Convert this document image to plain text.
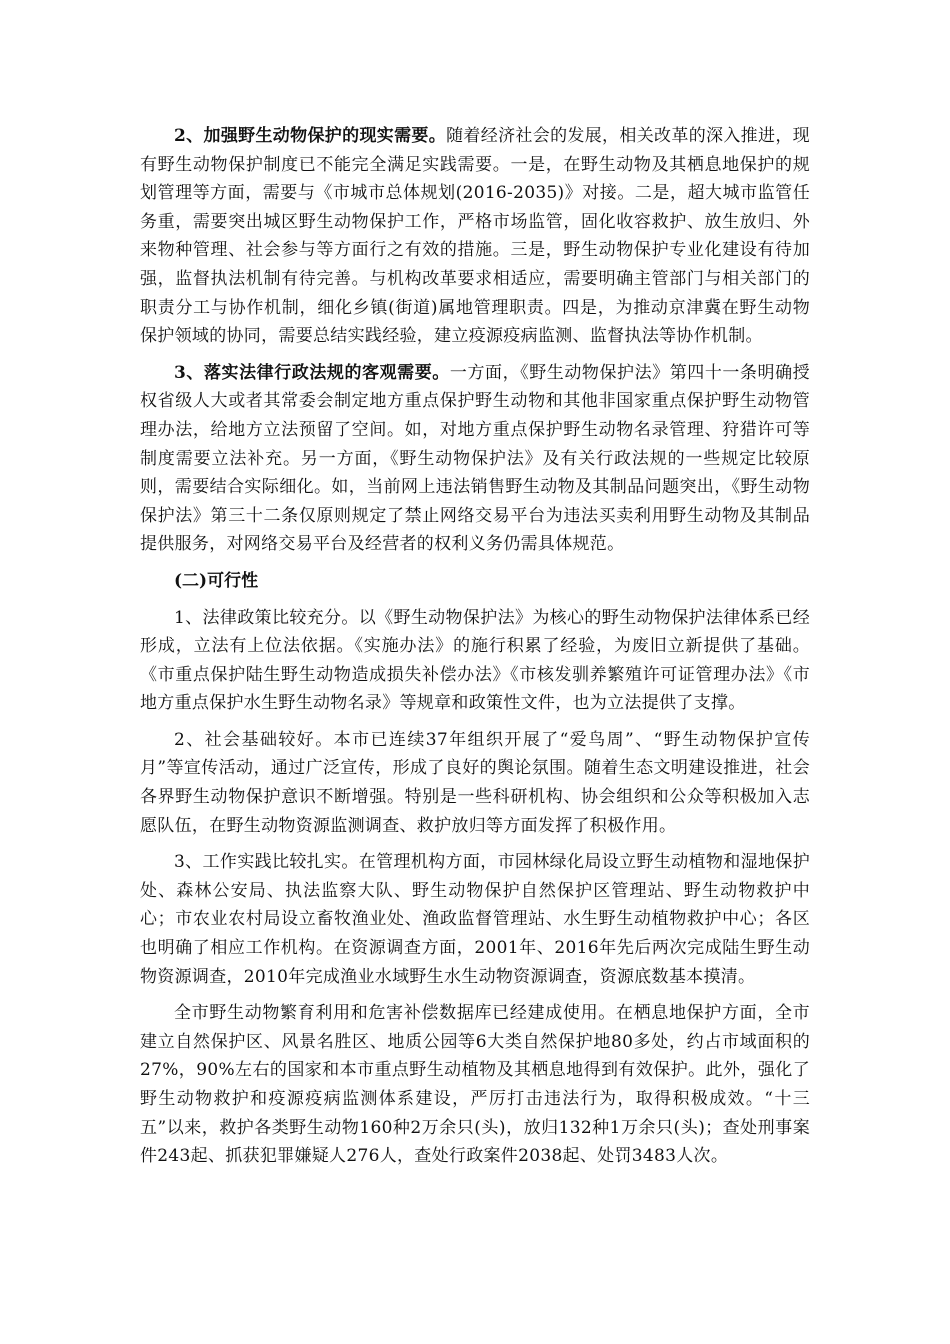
2、加强野生动物保护的现实需要。随着经济社会的发展，相关改革的深入推进，现有野生动物保护制度已不能完全满足实践需要。一是，在野生动物及其栖息地保护的规划管理等方面，需要与《市城市总体规划(2016-2035)》对接。二是，超大城市监管任务重，需要突出城区野生动物保护工作，严格市场监管，固化收容救护、放生放归、外来物种管理、社会参与等方面行之有效的措施。三是，野生动物保护专业化建设有待加强，监督执法机制有待完善。与机构改革要求相适应，需要明确主管部门与相关部门的职责分工与协作机制，细化乡镇(街道)属地管理职责。四是，为推动京津冀在野生动物保护领域的协同，需要总结实践经验，建立疫源疫病监测、监督执法等协作机制。

3、落实法律行政法规的客观需要。一方面，《野生动物保护法》第四十一条明确授权省级人大或者其常委会制定地方重点保护野生动物和其他非国家重点保护野生动物管理办法，给地方立法预留了空间。如，对地方重点保护野生动物名录管理、狩猎许可等制度需要立法补充。另一方面，《野生动物保护法》及有关行政法规的一些规定比较原则，需要结合实际细化。如，当前网上违法销售野生动物及其制品问题突出，《野生动物保护法》第三十二条仅原则规定了禁止网络交易平台为违法买卖利用野生动物及其制品提供服务，对网络交易平台及经营者的权利义务仍需具体规范。

(二)可行性

1、法律政策比较充分。以《野生动物保护法》为核心的野生动物保护法律体系已经形成，立法有上位法依据。《实施办法》的施行积累了经验，为废旧立新提供了基础。《市重点保护陆生野生动物造成损失补偿办法》《市核发驯养繁殖许可证管理办法》《市地方重点保护水生野生动物名录》等规章和政策性文件，也为立法提供了支撑。

2、社会基础较好。本市已连续37年组织开展了“爱鸟周”、“野生动物保护宣传月”等宣传活动，通过广泛宣传，形成了良好的舆论氛围。随着生态文明建设推进，社会各界野生动物保护意识不断增强。特别是一些科研机构、协会组织和公众等积极加入志愿队伍，在野生动物资源监测调查、救护放归等方面发挥了积极作用。

3、工作实践比较扎实。在管理机构方面，市园林绿化局设立野生动植物和湿地保护处、森林公安局、执法监察大队、野生动物保护自然保护区管理站、野生动物救护中心；市农业农村局设立畜牧渔业处、渔政监督管理站、水生野生动植物救护中心；各区也明确了相应工作机构。在资源调查方面，2001年、2016年先后两次完成陆生野生动物资源调查，2010年完成渔业水域野生水生动物资源调查，资源底数基本摸清。

全市野生动物繁育利用和危害补偿数据库已经建成使用。在栖息地保护方面，全市建立自然保护区、风景名胜区、地质公园等6大类自然保护地80多处，约占市域面积的27%，90%左右的国家和本市重点野生动植物及其栖息地得到有效保护。此外，强化了野生动物救护和疫源疫病监测体系建设，严厉打击违法行为，取得积极成效。“十三五”以来，救护各类野生动物160种2万余只(头)，放归132种1万余只(头)；查处刑事案件243起、抓获犯罪嫌疑人276人，查处行政案件2038起、处罚3483人次。
